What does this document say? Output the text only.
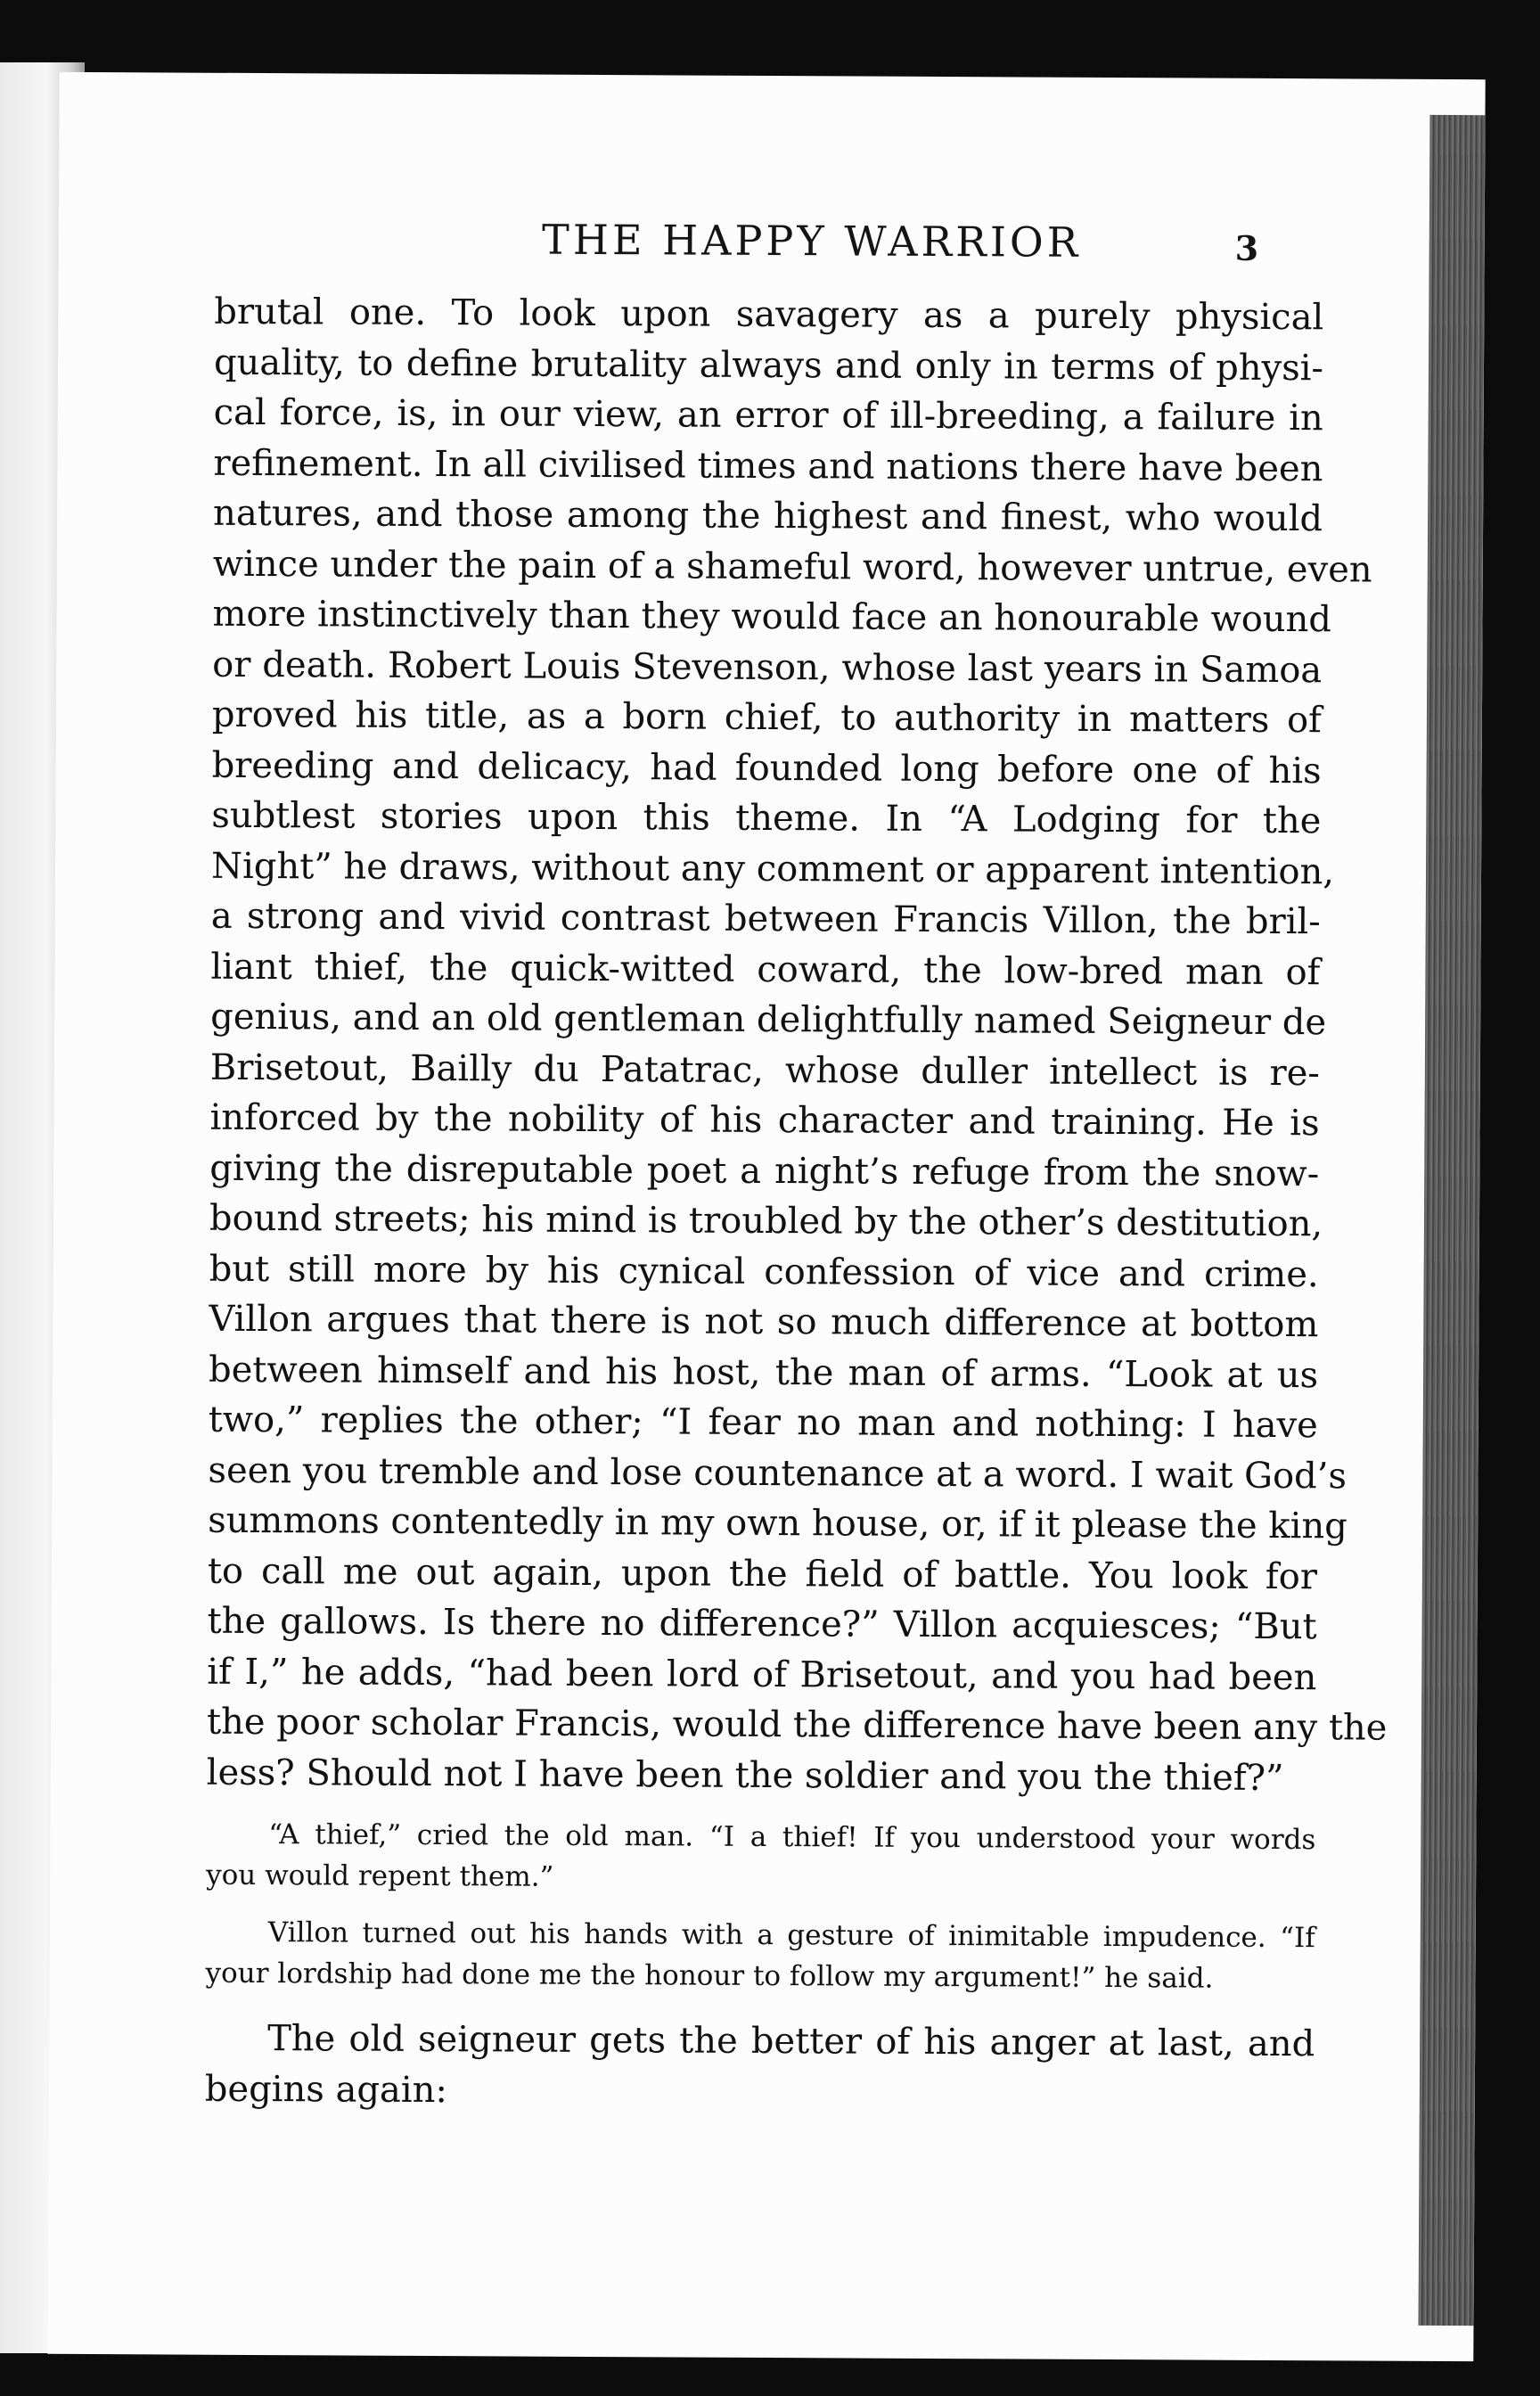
THE HAPPY WARRIOR	3
brutal one. To look upon savagery as a purely physical
quality, to define brutality always and only in terms of physi-
cal force, is, in our view, an error of ill-breeding, a failure in
refinement. In all civilised times and nations there have been
natures, and those among the highest and finest, who would
wince under the pain of a shameful word, however untrue, even
more instinctively than they would face an honourable wound
or death. Robert Louis Stevenson, whose last years in Samoa
proved his title, as a born chief, to authority in matters of
breeding and delicacy, had founded long before one of his
subtlest stories upon this theme. In “A Lodging for the
Night” he draws, without any comment or apparent intention,
a strong and vivid contrast between Francis Villon, the bril-
liant thief, the quick-witted coward, the low-bred man of
genius, and an old gentleman delightfully named Seigneur de
Brisetout, Bailly du Patatrac, whose duller intellect is re-
inforced by the nobility of his character and training. He is
giving the disreputable poet a night’s refuge from the snow-
bound streets; his mind is troubled by the other’s destitution,
but still more by his cynical confession of vice and crime.
Villon argues that there is not so much difference at bottom
between himself and his host, the man of arms. “Look at us
two,” replies the other; “I fear no man and nothing: I have
seen you tremble and lose countenance at a word. I wait God’s
summons contentedly in my own house, or, if it please the king
to call me out again, upon the field of battle. You look for
the gallows. Is there no difference?” Villon acquiesces; “But
if I,” he adds, “had been lord of Brisetout, and you had been
the poor scholar Francis, would the difference have been any the
less? Should not I have been the soldier and you the thief?”
“A thief,” cried the old man. “I a thief! If you understood your words
you would repent them.”
Villon turned out his hands with a gesture of inimitable impudence. “If
your lordship had done me the honour to follow my argument!” he said.
The old seigneur gets the better of his anger at last, and
begins again:
